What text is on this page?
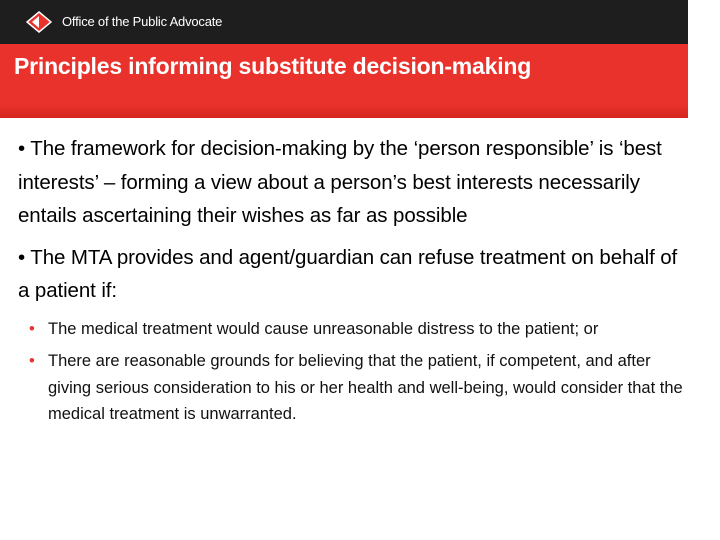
Office of the Public Advocate
Principles informing substitute decision-making

• The framework for decision-making by the ‘person responsible’ is ‘best interests’ – forming a view about a person’s best interests necessarily entails ascertaining their wishes as far as possible

• The MTA provides and agent/guardian can refuse treatment on behalf of a patient if:

• The medical treatment would cause unreasonable distress to the patient; or
• There are reasonable grounds for believing that the patient, if competent, and after giving serious consideration to his or her health and well-being, would consider that the medical treatment is unwarranted.
